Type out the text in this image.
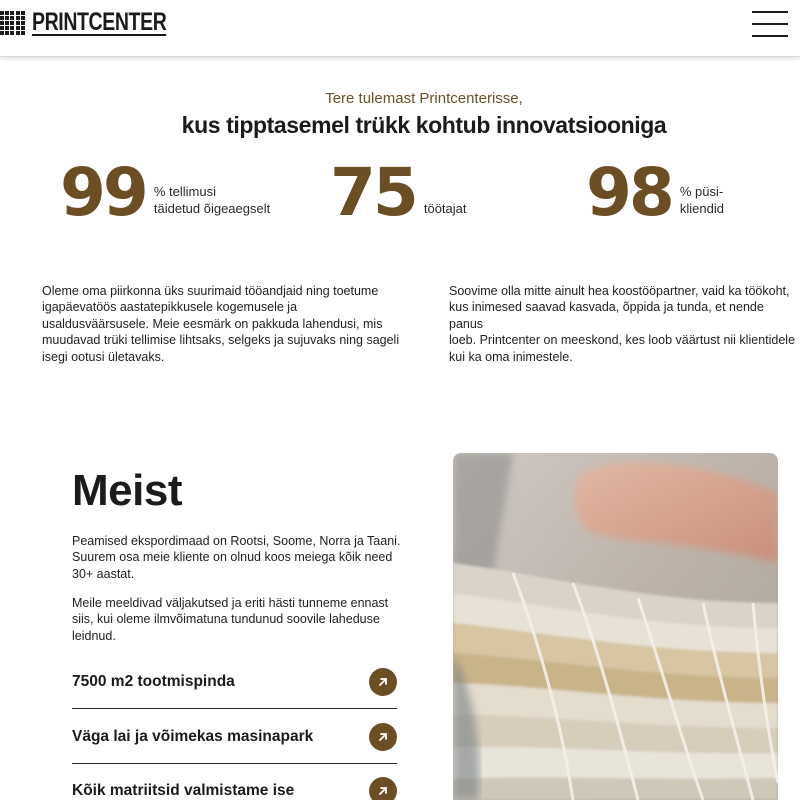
PRINTCENTER
Tere tulemast Printcenterisse,
kus tipptasemel trükk kohtub innovatsiooniga
99 % tellimusi
täidetud õigeaegselt 75 töötajat 98 % püsi-
kliendid
Oleme oma piirkonna üks suurimaid tööandjaid ning toetume
igapäevatöös aastatepikkusele kogemusele ja
usaldusväärsusele. Meie eesmärk on pakkuda lahendusi, mis
muudavad trüki tellimise lihtsaks, selgeks ja sujuvaks ning sageli
isegi ootusi ületavaks.
Soovime olla mitte ainult hea koostööpartner, vaid ka töökoht,
kus inimesed saavad kasvada, õppida ja tunda, et nende panus
loeb. Printcenter on meeskond, kes loob väärtust nii klientidele
kui ka oma inimestele.
Meist
Peamised ekspordimaad on Rootsi, Soome, Norra ja Taani.
Suurem osa meie kliente on olnud koos meiega kõik need
30+ aastat.
Meile meeldivad väljakutsed ja eriti hästi tunneme ennast
siis, kui oleme ilmvõimatuna tundunud soovile laheduse
leidnud.
7500 m2 tootmispinda
Väga lai ja võimekas masinapark
Kõik matriitsid valmistame ise
